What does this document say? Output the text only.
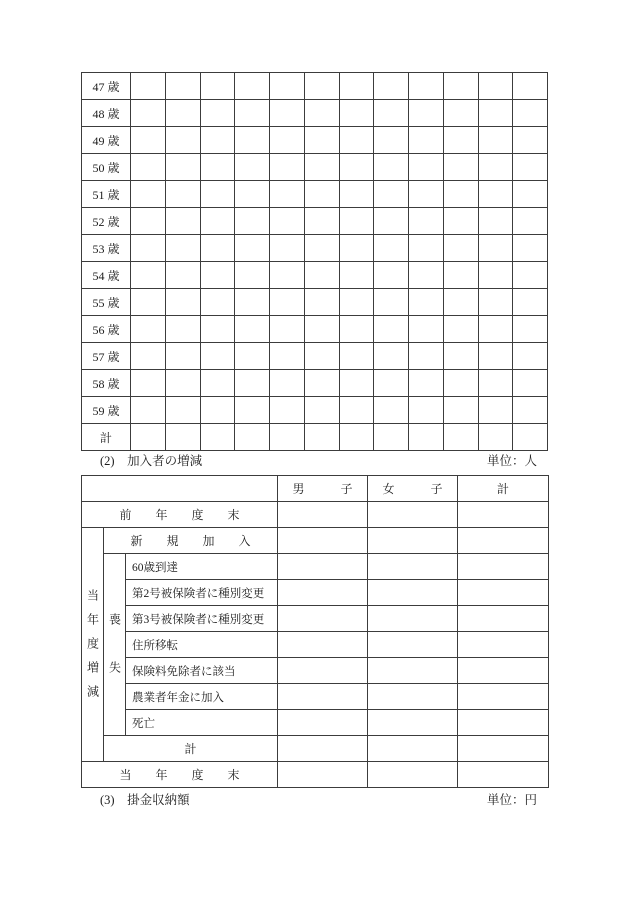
47 歳												
48 歳												
49 歳												
50 歳												
51 歳												
52 歳												
53 歳												
54 歳												
55 歳												
56 歳												
57 歳												
58 歳												
59 歳												
計												
(2)　加入者の増減	単位：人
			男　　　子	女　　　子	計
前　　年　　度　　末					
当　年　度　増　減	新　　規　　加　　入				
	喪　　　失	60歳到達			
		第2号被保険者に種別変更			
		第3号被保険者に種別変更			
		住所移転			
		保険料免除者に該当			
		農業者年金に加入			
		死亡			
	計				
当　　年　　度　　末					
(3)　掛金収納額	単位：円
